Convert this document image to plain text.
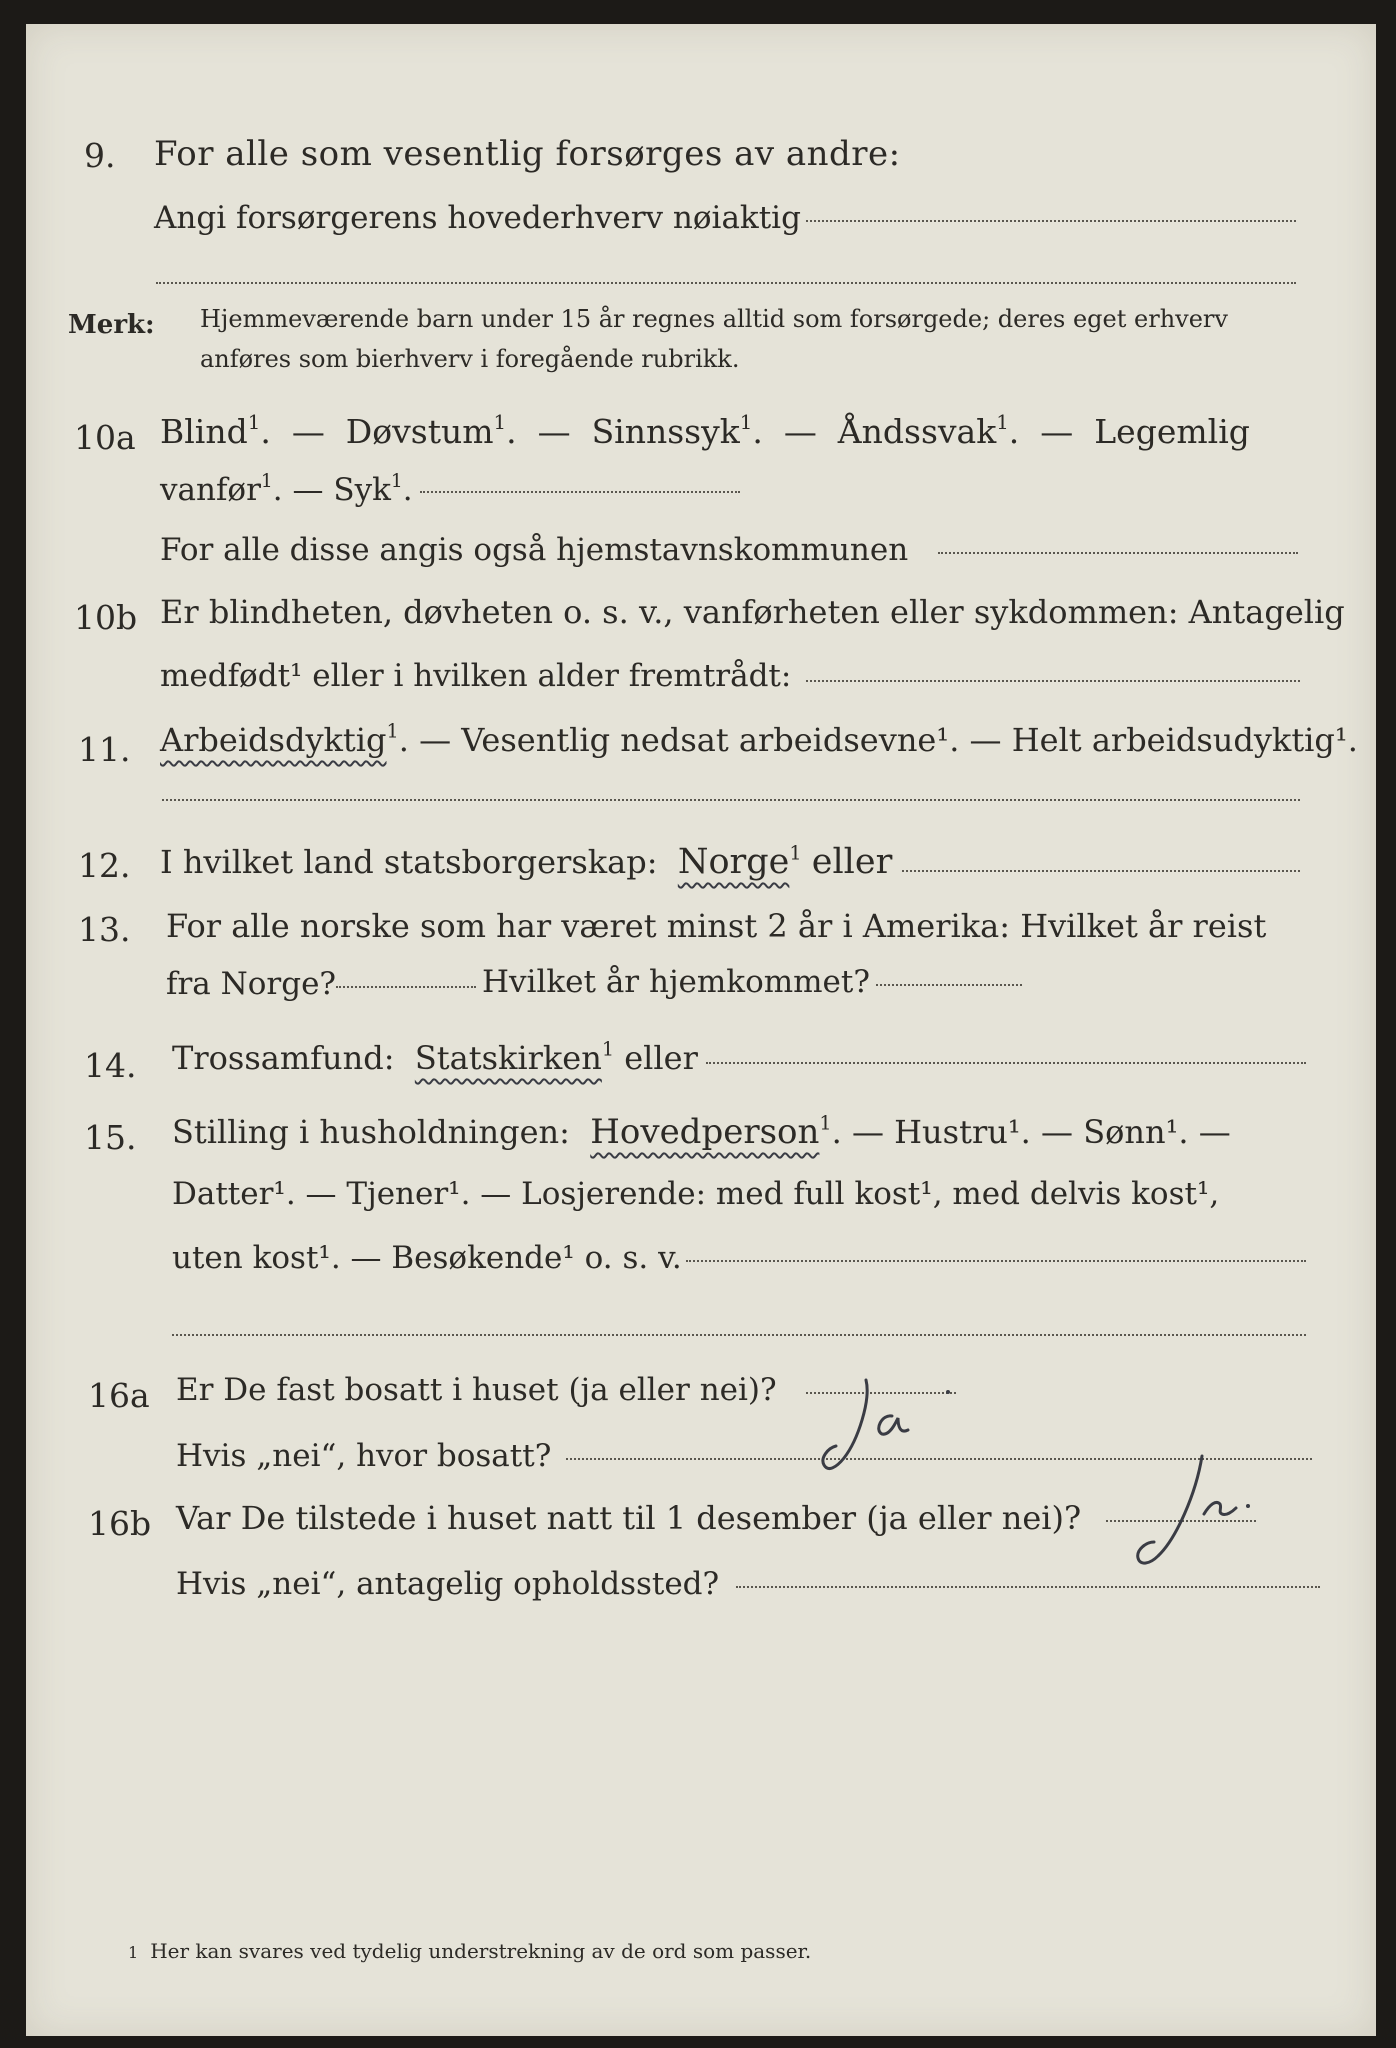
9. For alle som vesentlig forsørges av andre:
Angi forsørgerens hovederhverv nøiaktig
Merk: Hjemmeværende barn under 15 år regnes alltid som forsørgede; deres eget erhverv
anføres som bierhverv i foregående rubrikk.
10a Blind$^1$.  —  Døvstum$^1$.  —  Sinnssyk$^1$.  —  Åndssvak$^1$.  —  Legemlig
vanfør$^1$. — Syk$^1$.
For alle disse angis også hjemstavnskommunen
10b Er blindheten, døvheten o. s. v., vanførheten eller sykdommen: Antagelig
medfødt¹ eller i hvilken alder fremtrådt:
11. Arbeidsdyktig$^1$. — Vesentlig nedsat arbeidsevne¹. — Helt arbeidsudyktig¹.
12. I hvilket land statsborgerskap: Norge$^1$ eller
13. For alle norske som har været minst 2 år i Amerika: Hvilket år reist
fra Norge?	Hvilket år hjemkommet?
14. Trossamfund: Statskirken$^1$ eller
15. Stilling i husholdningen: Hovedperson$^1$. — Hustru¹. — Sønn¹. —
Datter¹. — Tjener¹. — Losjerende: med full kost¹, med delvis kost¹,
uten kost¹. — Besøkende¹ o. s. v.
16a Er De fast bosatt i huset (ja eller nei)?
Hvis „nei“, hvor bosatt?
16b Var De tilstede i huset natt til 1 desember (ja eller nei)?
Hvis „nei“, antagelig opholdssted?
1 Her kan svares ved tydelig understrekning av de ord som passer.
